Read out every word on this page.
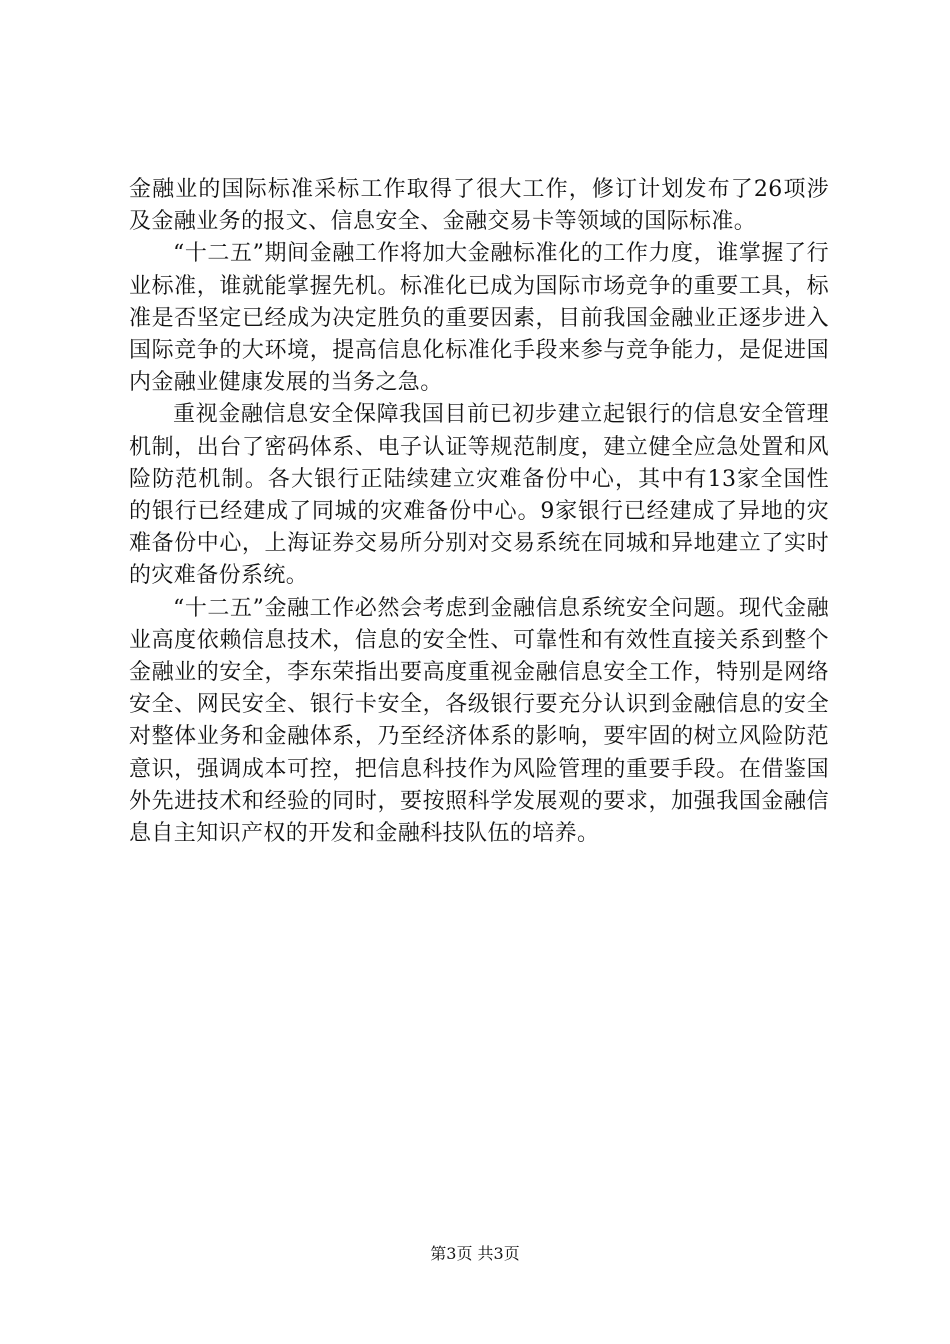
金融业的国际标准采标工作取得了很大工作，修订计划发布了26项涉及金融业务的报文、信息安全、金融交易卡等领域的国际标准。

“十二五”期间金融工作将加大金融标准化的工作力度，谁掌握了行业标准，谁就能掌握先机。标准化已成为国际市场竞争的重要工具，标准是否坚定已经成为决定胜负的重要因素，目前我国金融业正逐步进入国际竞争的大环境，提高信息化标准化手段来参与竞争能力，是促进国内金融业健康发展的当务之急。

重视金融信息安全保障我国目前已初步建立起银行的信息安全管理机制，出台了密码体系、电子认证等规范制度，建立健全应急处置和风险防范机制。各大银行正陆续建立灾难备份中心，其中有13家全国性的银行已经建成了同城的灾难备份中心。9家银行已经建成了异地的灾难备份中心，上海证券交易所分别对交易系统在同城和异地建立了实时的灾难备份系统。

“十二五”金融工作必然会考虑到金融信息系统安全问题。现代金融业高度依赖信息技术，信息的安全性、可靠性和有效性直接关系到整个金融业的安全，李东荣指出要高度重视金融信息安全工作，特别是网络安全、网民安全、银行卡安全，各级银行要充分认识到金融信息的安全对整体业务和金融体系，乃至经济体系的影响，要牢固的树立风险防范意识，强调成本可控，把信息科技作为风险管理的重要手段。在借鉴国外先进技术和经验的同时，要按照科学发展观的要求，加强我国金融信息自主知识产权的开发和金融科技队伍的培养。

第3页 共3页
